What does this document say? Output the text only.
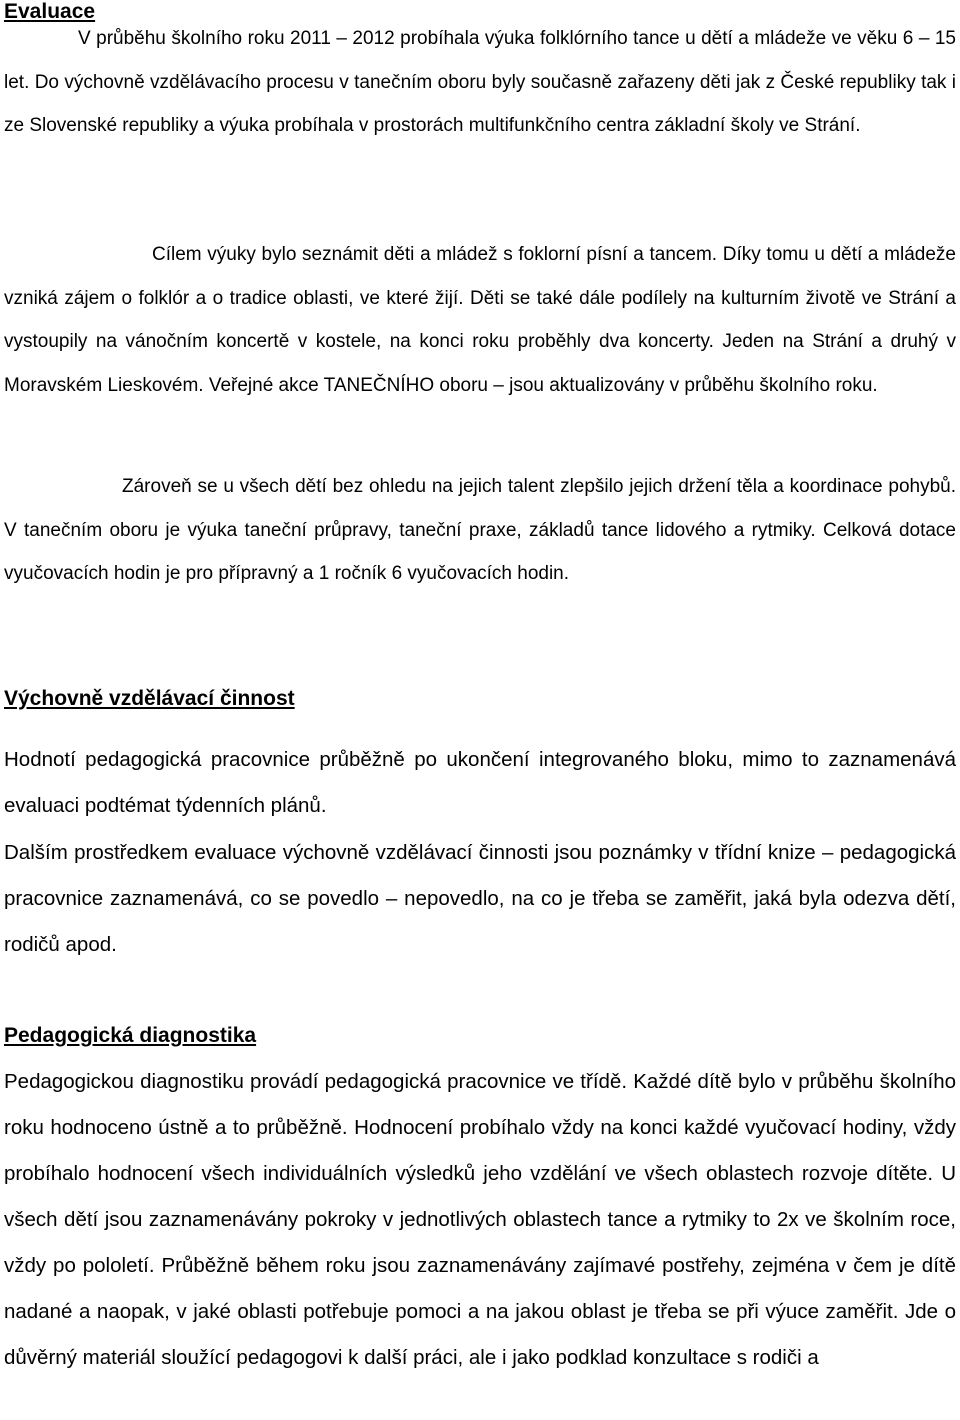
Evaluace

V průběhu školního roku 2011 – 2012 probíhala výuka folklórního tance u dětí a mládeže ve věku 6 – 15 let. Do výchovně vzdělávacího procesu v tanečním oboru byly současně zařazeny děti jak z České republiky tak i ze Slovenské republiky a výuka probíhala v prostorách multifunkčního centra základní školy ve Strání.

Cílem výuky bylo seznámit děti a mládež s foklorní písní a tancem. Díky tomu u dětí a mládeže vzniká zájem o folklór a o tradice oblasti, ve které žijí. Děti se také dále podílely na kulturním životě ve Strání a vystoupily na vánočním koncertě v kostele, na konci roku proběhly dva koncerty. Jeden na Strání a druhý v Moravském Lieskovém. Veřejné akce TANEČNÍHO oboru – jsou aktualizovány v průběhu školního roku.

Zároveň se u všech dětí bez ohledu na jejich talent zlepšilo jejich držení těla a koordinace pohybů. V tanečním oboru je výuka taneční průpravy, taneční praxe, základů tance lidového a rytmiky. Celková dotace vyučovacích hodin je pro přípravný a 1 ročník 6 vyučovacích hodin.

Výchovně vzdělávací činnost

Hodnotí pedagogická pracovnice průběžně po ukončení integrovaného bloku, mimo to zaznamenává evaluaci podtémat týdenních plánů.

Dalším prostředkem evaluace výchovně vzdělávací činnosti jsou poznámky v třídní knize – pedagogická pracovnice zaznamenává, co se povedlo – nepovedlo, na co je třeba se zaměřit, jaká byla odezva dětí, rodičů apod.

Pedagogická diagnostika

Pedagogickou diagnostiku provádí pedagogická pracovnice ve třídě. Každé dítě bylo v průběhu školního roku hodnoceno ústně a to průběžně. Hodnocení probíhalo vždy na konci každé vyučovací hodiny, vždy probíhalo hodnocení všech individuálních výsledků jeho vzdělání ve všech oblastech rozvoje dítěte. U všech dětí jsou zaznamenávány pokroky v jednotlivých oblastech tance a rytmiky to 2x ve školním roce, vždy po pololetí. Průběžně během roku jsou zaznamenávány zajímavé postřehy, zejména v čem je dítě nadané a naopak, v jaké oblasti potřebuje pomoci a na jakou oblast je třeba se při výuce zaměřit. Jde o důvěrný materiál sloužící pedagogovi k další práci, ale i jako podklad konzultace s rodiči a
